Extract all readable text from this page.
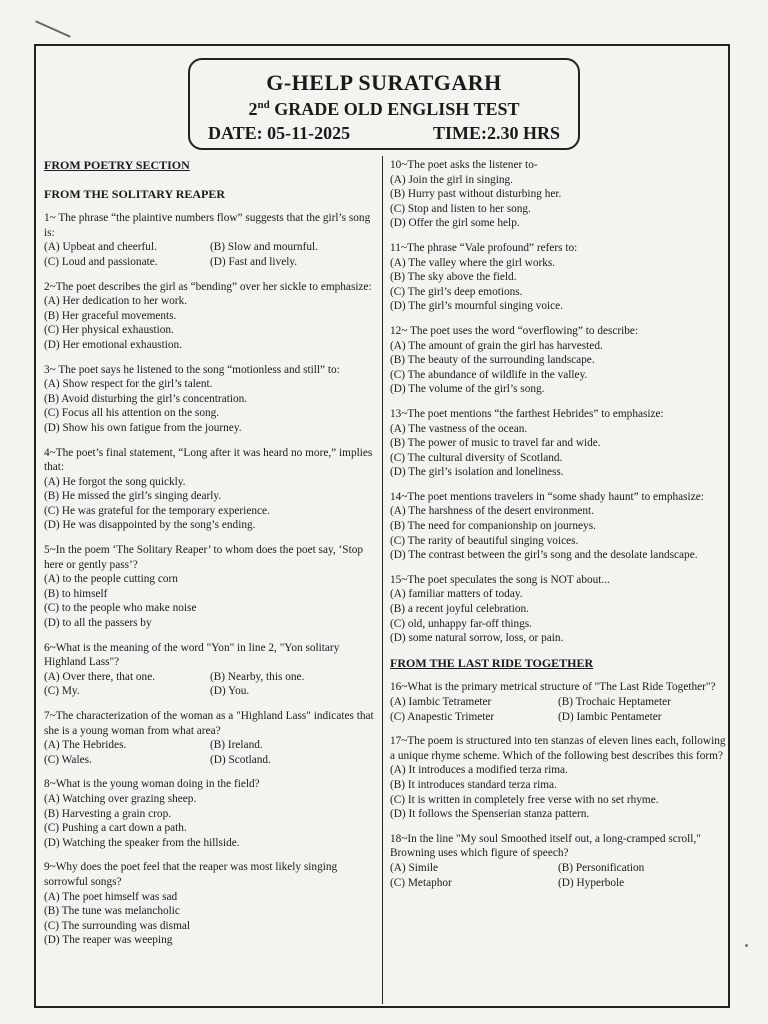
G-HELP SURATGARH
2nd GRADE OLD ENGLISH TEST
DATE: 05-11-2025	TIME:2.30 HRS
FROM POETRY SECTION
FROM THE SOLITARY REAPER
1~ The phrase “the plaintive numbers flow” suggests that the girl’s song is:
(A) Upbeat and cheerful.	(B) Slow and mournful.
(C) Loud and passionate.	(D) Fast and lively.
2~The poet describes the girl as “bending” over her sickle to emphasize:
(A) Her dedication to her work.
(B) Her graceful movements.
(C) Her physical exhaustion.
(D) Her emotional exhaustion.
3~ The poet says he listened to the song “motionless and still” to:
(A) Show respect for the girl’s talent.
(B) Avoid disturbing the girl’s concentration.
(C) Focus all his attention on the song.
(D) Show his own fatigue from the journey.
4~The poet’s final statement, “Long after it was heard no more,” implies that:
(A) He forgot the song quickly.
(B) He missed the girl’s singing dearly.
(C) He was grateful for the temporary experience.
(D) He was disappointed by the song’s ending.
5~In the poem ‘The Solitary Reaper’ to whom does the poet say, ‘Stop here or gently pass’?
(A) to the people cutting corn
(B) to himself
(C) to the people who make noise
(D) to all the passers by
6~What is the meaning of the word "Yon" in line 2, "Yon solitary Highland Lass"?
(A) Over there, that one.	(B) Nearby, this one.
(C) My.	(D) You.
7~The characterization of the woman as a "Highland Lass" indicates that she is a young woman from what area?
(A) The Hebrides.	(B) Ireland.
(C) Wales.	(D) Scotland.
8~What is the young woman doing in the field?
(A) Watching over grazing sheep.
(B) Harvesting a grain crop.
(C) Pushing a cart down a path.
(D) Watching the speaker from the hillside.
9~Why does the poet feel that the reaper was most likely singing sorrowful songs?
(A) The poet himself was sad
(B) The tune was melancholic
(C) The surrounding was dismal
(D) The reaper was weeping
10~The poet asks the listener to-
(A) Join the girl in singing.
(B) Hurry past without disturbing her.
(C) Stop and listen to her song.
(D) Offer the girl some help.
11~The phrase “Vale profound” refers to:
(A) The valley where the girl works.
(B) The sky above the field.
(C) The girl’s deep emotions.
(D) The girl’s mournful singing voice.
12~ The poet uses the word “overflowing” to describe:
(A) The amount of grain the girl has harvested.
(B) The beauty of the surrounding landscape.
(C) The abundance of wildlife in the valley.
(D) The volume of the girl’s song.
13~The poet mentions “the farthest Hebrides” to emphasize:
(A) The vastness of the ocean.
(B) The power of music to travel far and wide.
(C) The cultural diversity of Scotland.
(D) The girl’s isolation and loneliness.
14~The poet mentions travelers in “some shady haunt” to emphasize:
(A) The harshness of the desert environment.
(B) The need for companionship on journeys.
(C) The rarity of beautiful singing voices.
(D) The contrast between the girl’s song and the desolate landscape.
15~The poet speculates the song is NOT about...
(A) familiar matters of today.
(B) a recent joyful celebration.
(C) old, unhappy far-off things.
(D) some natural sorrow, loss, or pain.
FROM THE LAST RIDE TOGETHER
16~What is the primary metrical structure of "The Last Ride Together"?
(A) Iambic Tetrameter	(B) Trochaic Heptameter
(C) Anapestic Trimeter	(D) Iambic Pentameter
17~The poem is structured into ten stanzas of eleven lines each, following a unique rhyme scheme. Which of the following best describes this form?
(A) It introduces a modified terza rima.
(B) It introduces standard terza rima.
(C) It is written in completely free verse with no set rhyme.
(D) It follows the Spenserian stanza pattern.
18~In the line "My soul Smoothed itself out, a long-cramped scroll," Browning uses which figure of speech?
(A) Simile	(B) Personification
(C) Metaphor	(D) Hyperbole
